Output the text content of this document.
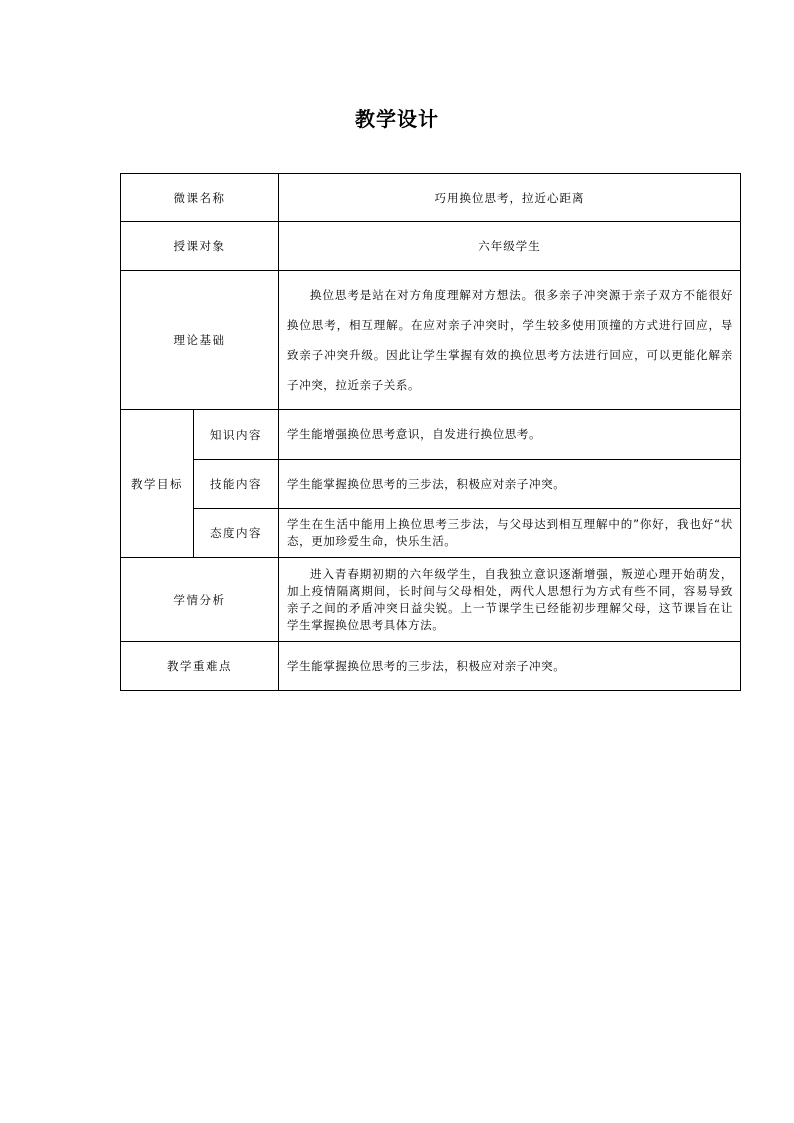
教学设计
微课名称		巧用换位思考，拉近心距离
授课对象		六年级学生
理论基础		换位思考是站在对方角度理解对方想法。很多亲子冲突源于亲子双方不能很好换位思考，相互理解。在应对亲子冲突时，学生较多使用顶撞的方式进行回应，导致亲子冲突升级。因此让学生掌握有效的换位思考方法进行回应，可以更能化解亲子冲突，拉近亲子关系。
教学目标	知识内容	学生能增强换位思考意识，自发进行换位思考。
	技能内容	学生能掌握换位思考的三步法，积极应对亲子冲突。
	态度内容	学生在生活中能用上换位思考三步法，与父母达到相互理解中的”你好，我也好“状态，更加珍爱生命，快乐生活。
学情分析		进入青春期初期的六年级学生，自我独立意识逐渐增强，叛逆心理开始萌发，加上疫情隔离期间，长时间与父母相处，两代人思想行为方式有些不同，容易导致亲子之间的矛盾冲突日益尖锐。上一节课学生已经能初步理解父母，这节课旨在让学生掌握换位思考具体方法。
教学重难点		学生能掌握换位思考的三步法，积极应对亲子冲突。
